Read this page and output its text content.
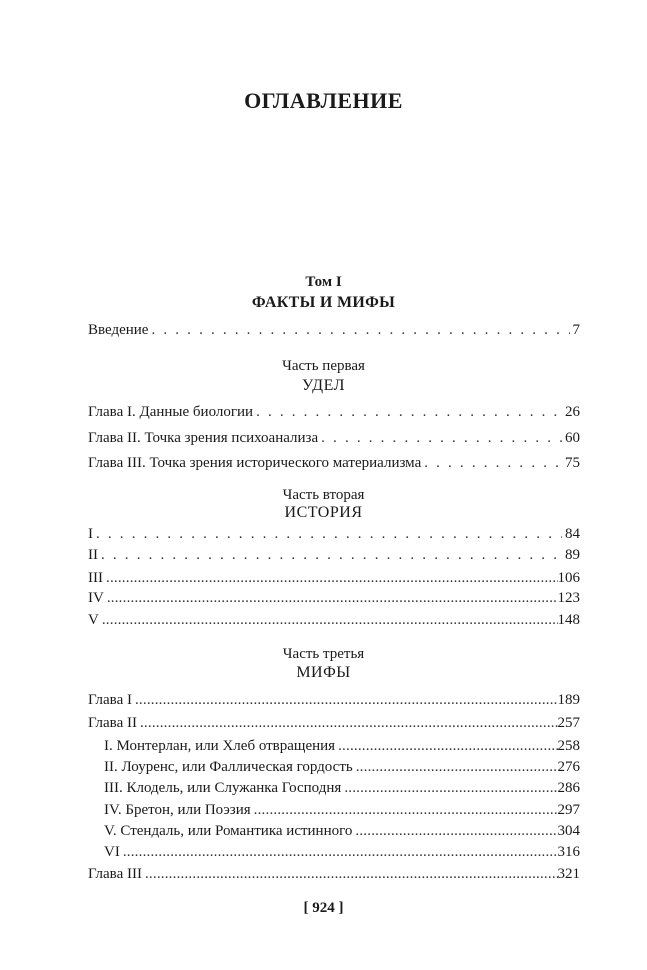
ОГЛАВЛЕНИЕ
Том I
ФАКТЫ И МИФЫ
Введение . . .	7
Часть первая
УДЕЛ
Глава I. Данные биологии . . .	26
Глава II. Точка зрения психоанализа . . .	60
Глава III. Точка зрения исторического материализма . . .	75
Часть вторая
ИСТОРИЯ
I . . .	84
II . . .	89
III .....	106
IV .....	123
V .....	148
Часть третья
МИФЫ
Глава I .....	189
Глава II .....	257
I. Монтерлан, или Хлеб отвращения .....	258
II. Лоуренс, или Фаллическая гордость .....	276
III. Клодель, или Служанка Господня .....	286
IV. Бретон, или Поэзия .....	297
V. Стендаль, или Романтика истинного .....	304
VI .....	316
Глава III .....	321
[ 924 ]
